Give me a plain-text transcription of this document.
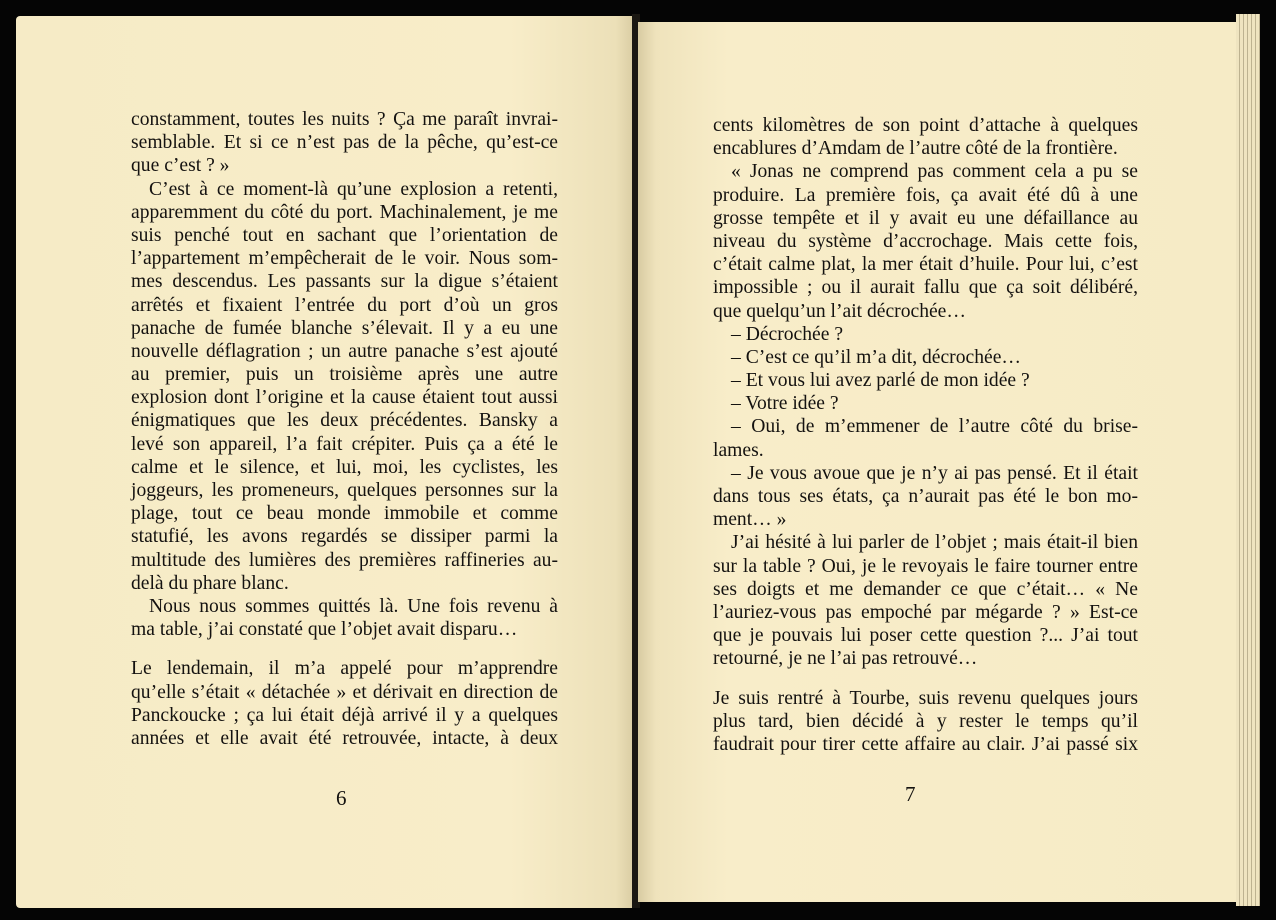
constamment, toutes les nuits ? Ça me paraît invrai-
semblable. Et si ce n’est pas de la pêche, qu’est-ce
que c’est ? »
C’est à ce moment-là qu’une explosion a retenti,
apparemment du côté du port. Machinalement, je me
suis penché tout en sachant que l’orientation de
l’appartement m’empêcherait de le voir. Nous som-
mes descendus. Les passants sur la digue s’étaient
arrêtés et fixaient l’entrée du port d’où un gros
panache de fumée blanche s’élevait. Il y a eu une
nouvelle déflagration ; un autre panache s’est ajouté
au premier, puis un troisième après une autre
explosion dont l’origine et la cause étaient tout aussi
énigmatiques que les deux précédentes. Bansky a
levé son appareil, l’a fait crépiter. Puis ça a été le
calme et le silence, et lui, moi, les cyclistes, les
joggeurs, les promeneurs, quelques personnes sur la
plage, tout ce beau monde immobile et comme
statufié, les avons regardés se dissiper parmi la
multitude des lumières des premières raffineries au-
delà du phare blanc.
Nous nous sommes quittés là. Une fois revenu à
ma table, j’ai constaté que l’objet avait disparu…
Le lendemain, il m’a appelé pour m’apprendre
qu’elle s’était « détachée » et dérivait en direction de
Panckoucke ; ça lui était déjà arrivé il y a quelques
années et elle avait été retrouvée, intacte, à deux
6
cents kilomètres de son point d’attache à quelques
encablures d’Amdam de l’autre côté de la frontière.
« Jonas ne comprend pas comment cela a pu se
produire. La première fois, ça avait été dû à une
grosse tempête et il y avait eu une défaillance au
niveau du système d’accrochage. Mais cette fois,
c’était calme plat, la mer était d’huile. Pour lui, c’est
impossible ; ou il aurait fallu que ça soit délibéré,
que quelqu’un l’ait décrochée…
– Décrochée ?
– C’est ce qu’il m’a dit, décrochée…
– Et vous lui avez parlé de mon idée ?
– Votre idée ?
– Oui, de m’emmener de l’autre côté du brise-
lames.
– Je vous avoue que je n’y ai pas pensé. Et il était
dans tous ses états, ça n’aurait pas été le bon mo-
ment… »
J’ai hésité à lui parler de l’objet ; mais était-il bien
sur la table ? Oui, je le revoyais le faire tourner entre
ses doigts et me demander ce que c’était… « Ne
l’auriez-vous pas empoché par mégarde ? » Est-ce
que je pouvais lui poser cette question ?... J’ai tout
retourné, je ne l’ai pas retrouvé…
Je suis rentré à Tourbe, suis revenu quelques jours
plus tard, bien décidé à y rester le temps qu’il
faudrait pour tirer cette affaire au clair. J’ai passé six
7
